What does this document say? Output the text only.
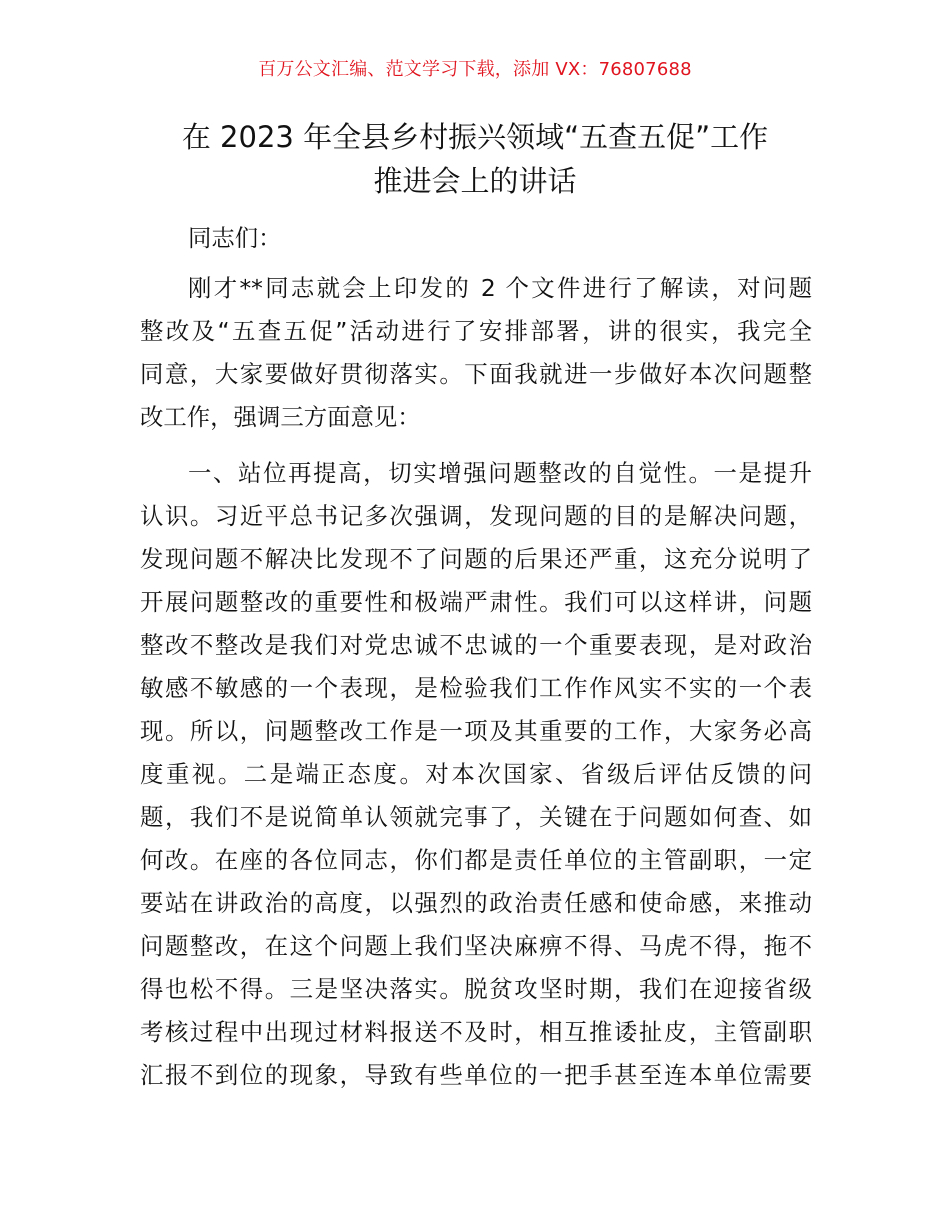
百万公文汇编、范文学习下载，添加 VX：76807688
在 2023 年全县乡村振兴领域“五查五促”工作
推进会上的讲话
同志们：
刚才**同志就会上印发的 2 个文件进行了解读，对问题
整改及“五查五促”活动进行了安排部署，讲的很实，我完全
同意，大家要做好贯彻落实。下面我就进一步做好本次问题整
改工作，强调三方面意见：
一、站位再提高，切实增强问题整改的自觉性。一是提升
认识。习近平总书记多次强调，发现问题的目的是解决问题，
发现问题不解决比发现不了问题的后果还严重，这充分说明了
开展问题整改的重要性和极端严肃性。我们可以这样讲，问题
整改不整改是我们对党忠诚不忠诚的一个重要表现，是对政治
敏感不敏感的一个表现，是检验我们工作作风实不实的一个表
现。所以，问题整改工作是一项及其重要的工作，大家务必高
度重视。二是端正态度。对本次国家、省级后评估反馈的问
题，我们不是说简单认领就完事了，关键在于问题如何查、如
何改。在座的各位同志，你们都是责任单位的主管副职，一定
要站在讲政治的高度，以强烈的政治责任感和使命感，来推动
问题整改，在这个问题上我们坚决麻痹不得、马虎不得，拖不
得也松不得。三是坚决落实。脱贫攻坚时期，我们在迎接省级
考核过程中出现过材料报送不及时，相互推诿扯皮，主管副职
汇报不到位的现象，导致有些单位的一把手甚至连本单位需要
